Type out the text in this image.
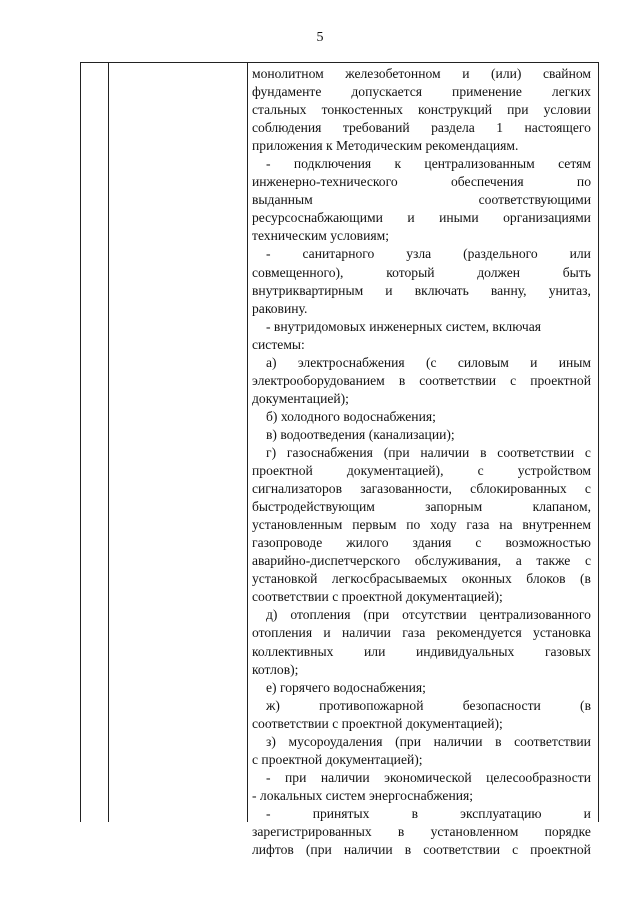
5
монолитном железобетонном и (или) свайном
фундаменте допускается применение легких
стальных тонкостенных конструкций при условии
соблюдения требований раздела 1 настоящего
приложения к Методическим рекомендациям.
- подключения к централизованным сетям
инженерно-технического	обеспечения	по
выданным	соответствующими
ресурсоснабжающими и иными организациями
техническим условиям;
- санитарного узла (раздельного или
совмещенного),	который	должен	быть
внутриквартирным и включать ванну, унитаз,
раковину.
- внутридомовых инженерных систем, включая
системы:
а) электроснабжения (с силовым и иным
электрооборудованием в соответствии с проектной
документацией);
б) холодного водоснабжения;
в) водоотведения (канализации);
г) газоснабжения (при наличии в соответствии с
проектной	документацией),	с	устройством
сигнализаторов загазованности, сблокированных с
быстродействующим	запорным	клапаном,
установленным первым по ходу газа на внутреннем
газопроводе жилого здания с возможностью
аварийно-диспетчерского обслуживания, а также с
установкой легкосбрасываемых оконных блоков (в
соответствии с проектной документацией);
д) отопления (при отсутствии централизованного
отопления и наличии газа рекомендуется установка
коллективных или индивидуальных газовых
котлов);
е) горячего водоснабжения;
ж)	противопожарной	безопасности	(в
соответствии с проектной документацией);
з) мусороудаления (при наличии в соответствии
с проектной документацией);
- при наличии экономической целесообразности
- локальных систем энергоснабжения;
-	принятых	в	эксплуатацию	и
зарегистрированных в установленном порядке
лифтов (при наличии в соответствии с проектной
